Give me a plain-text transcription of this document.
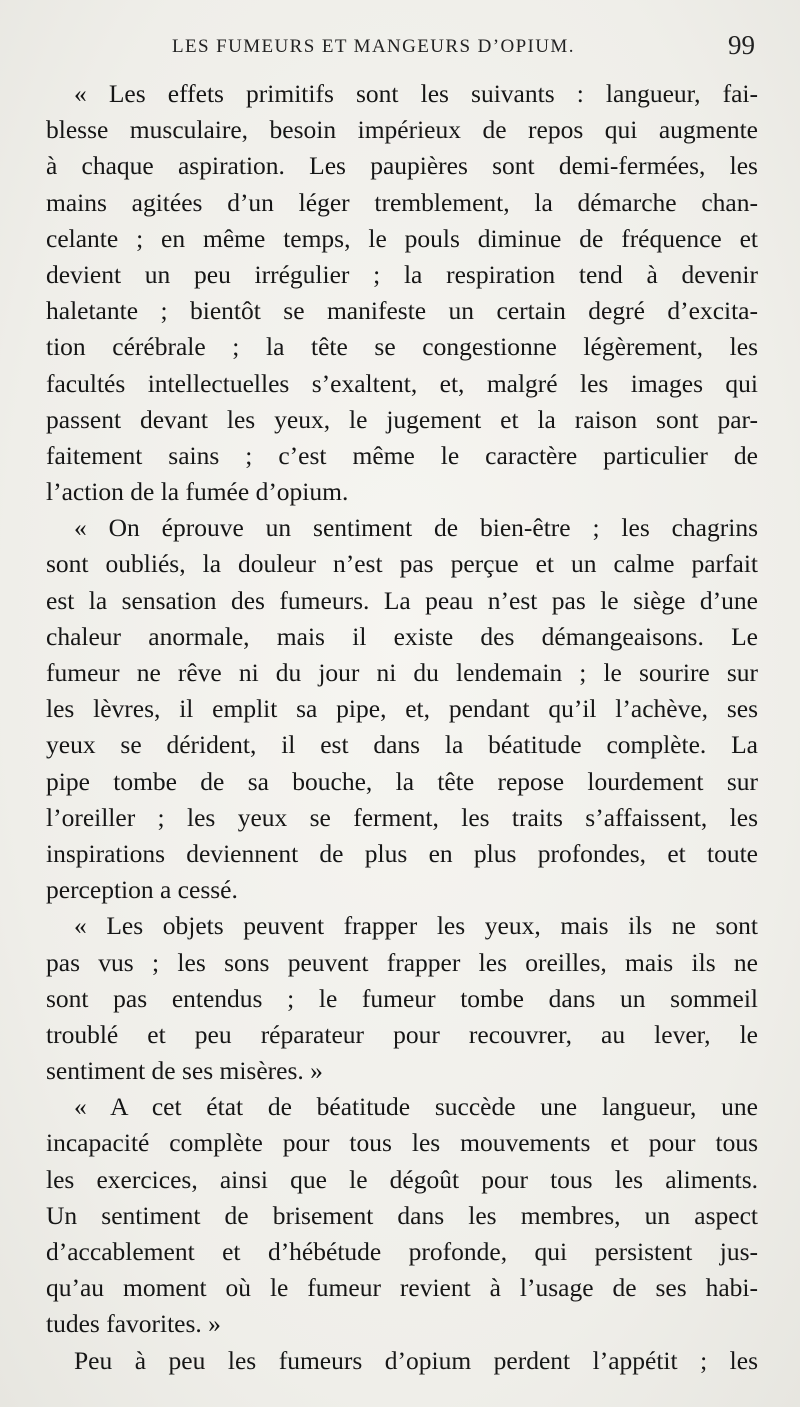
LES FUMEURS ET MANGEURS D’OPIUM.	99
« Les effets primitifs sont les suivants : langueur, fai-
blesse musculaire, besoin impérieux de repos qui augmente
à chaque aspiration. Les paupières sont demi-fermées, les
mains agitées d’un léger tremblement, la démarche chan-
celante ; en même temps, le pouls diminue de fréquence et
devient un peu irrégulier ; la respiration tend à devenir
haletante ; bientôt se manifeste un certain degré d’excita-
tion cérébrale ; la tête se congestionne légèrement, les
facultés intellectuelles s’exaltent, et, malgré les images qui
passent devant les yeux, le jugement et la raison sont par-
faitement sains ; c’est même le caractère particulier de
l’action de la fumée d’opium.
« On éprouve un sentiment de bien-être ; les chagrins
sont oubliés, la douleur n’est pas perçue et un calme parfait
est la sensation des fumeurs. La peau n’est pas le siège d’une
chaleur anormale, mais il existe des démangeaisons. Le
fumeur ne rêve ni du jour ni du lendemain ; le sourire sur
les lèvres, il emplit sa pipe, et, pendant qu’il l’achève, ses
yeux se dérident, il est dans la béatitude complète. La
pipe tombe de sa bouche, la tête repose lourdement sur
l’oreiller ; les yeux se ferment, les traits s’affaissent, les
inspirations deviennent de plus en plus profondes, et toute
perception a cessé.
« Les objets peuvent frapper les yeux, mais ils ne sont
pas vus ; les sons peuvent frapper les oreilles, mais ils ne
sont pas entendus ; le fumeur tombe dans un sommeil
troublé et peu réparateur pour recouvrer, au lever, le
sentiment de ses misères. »
« A cet état de béatitude succède une langueur, une
incapacité complète pour tous les mouvements et pour tous
les exercices, ainsi que le dégoût pour tous les aliments.
Un sentiment de brisement dans les membres, un aspect
d’accablement et d’hébétude profonde, qui persistent jus-
qu’au moment où le fumeur revient à l’usage de ses habi-
tudes favorites. »
Peu à peu les fumeurs d’opium perdent l’appétit ; les
